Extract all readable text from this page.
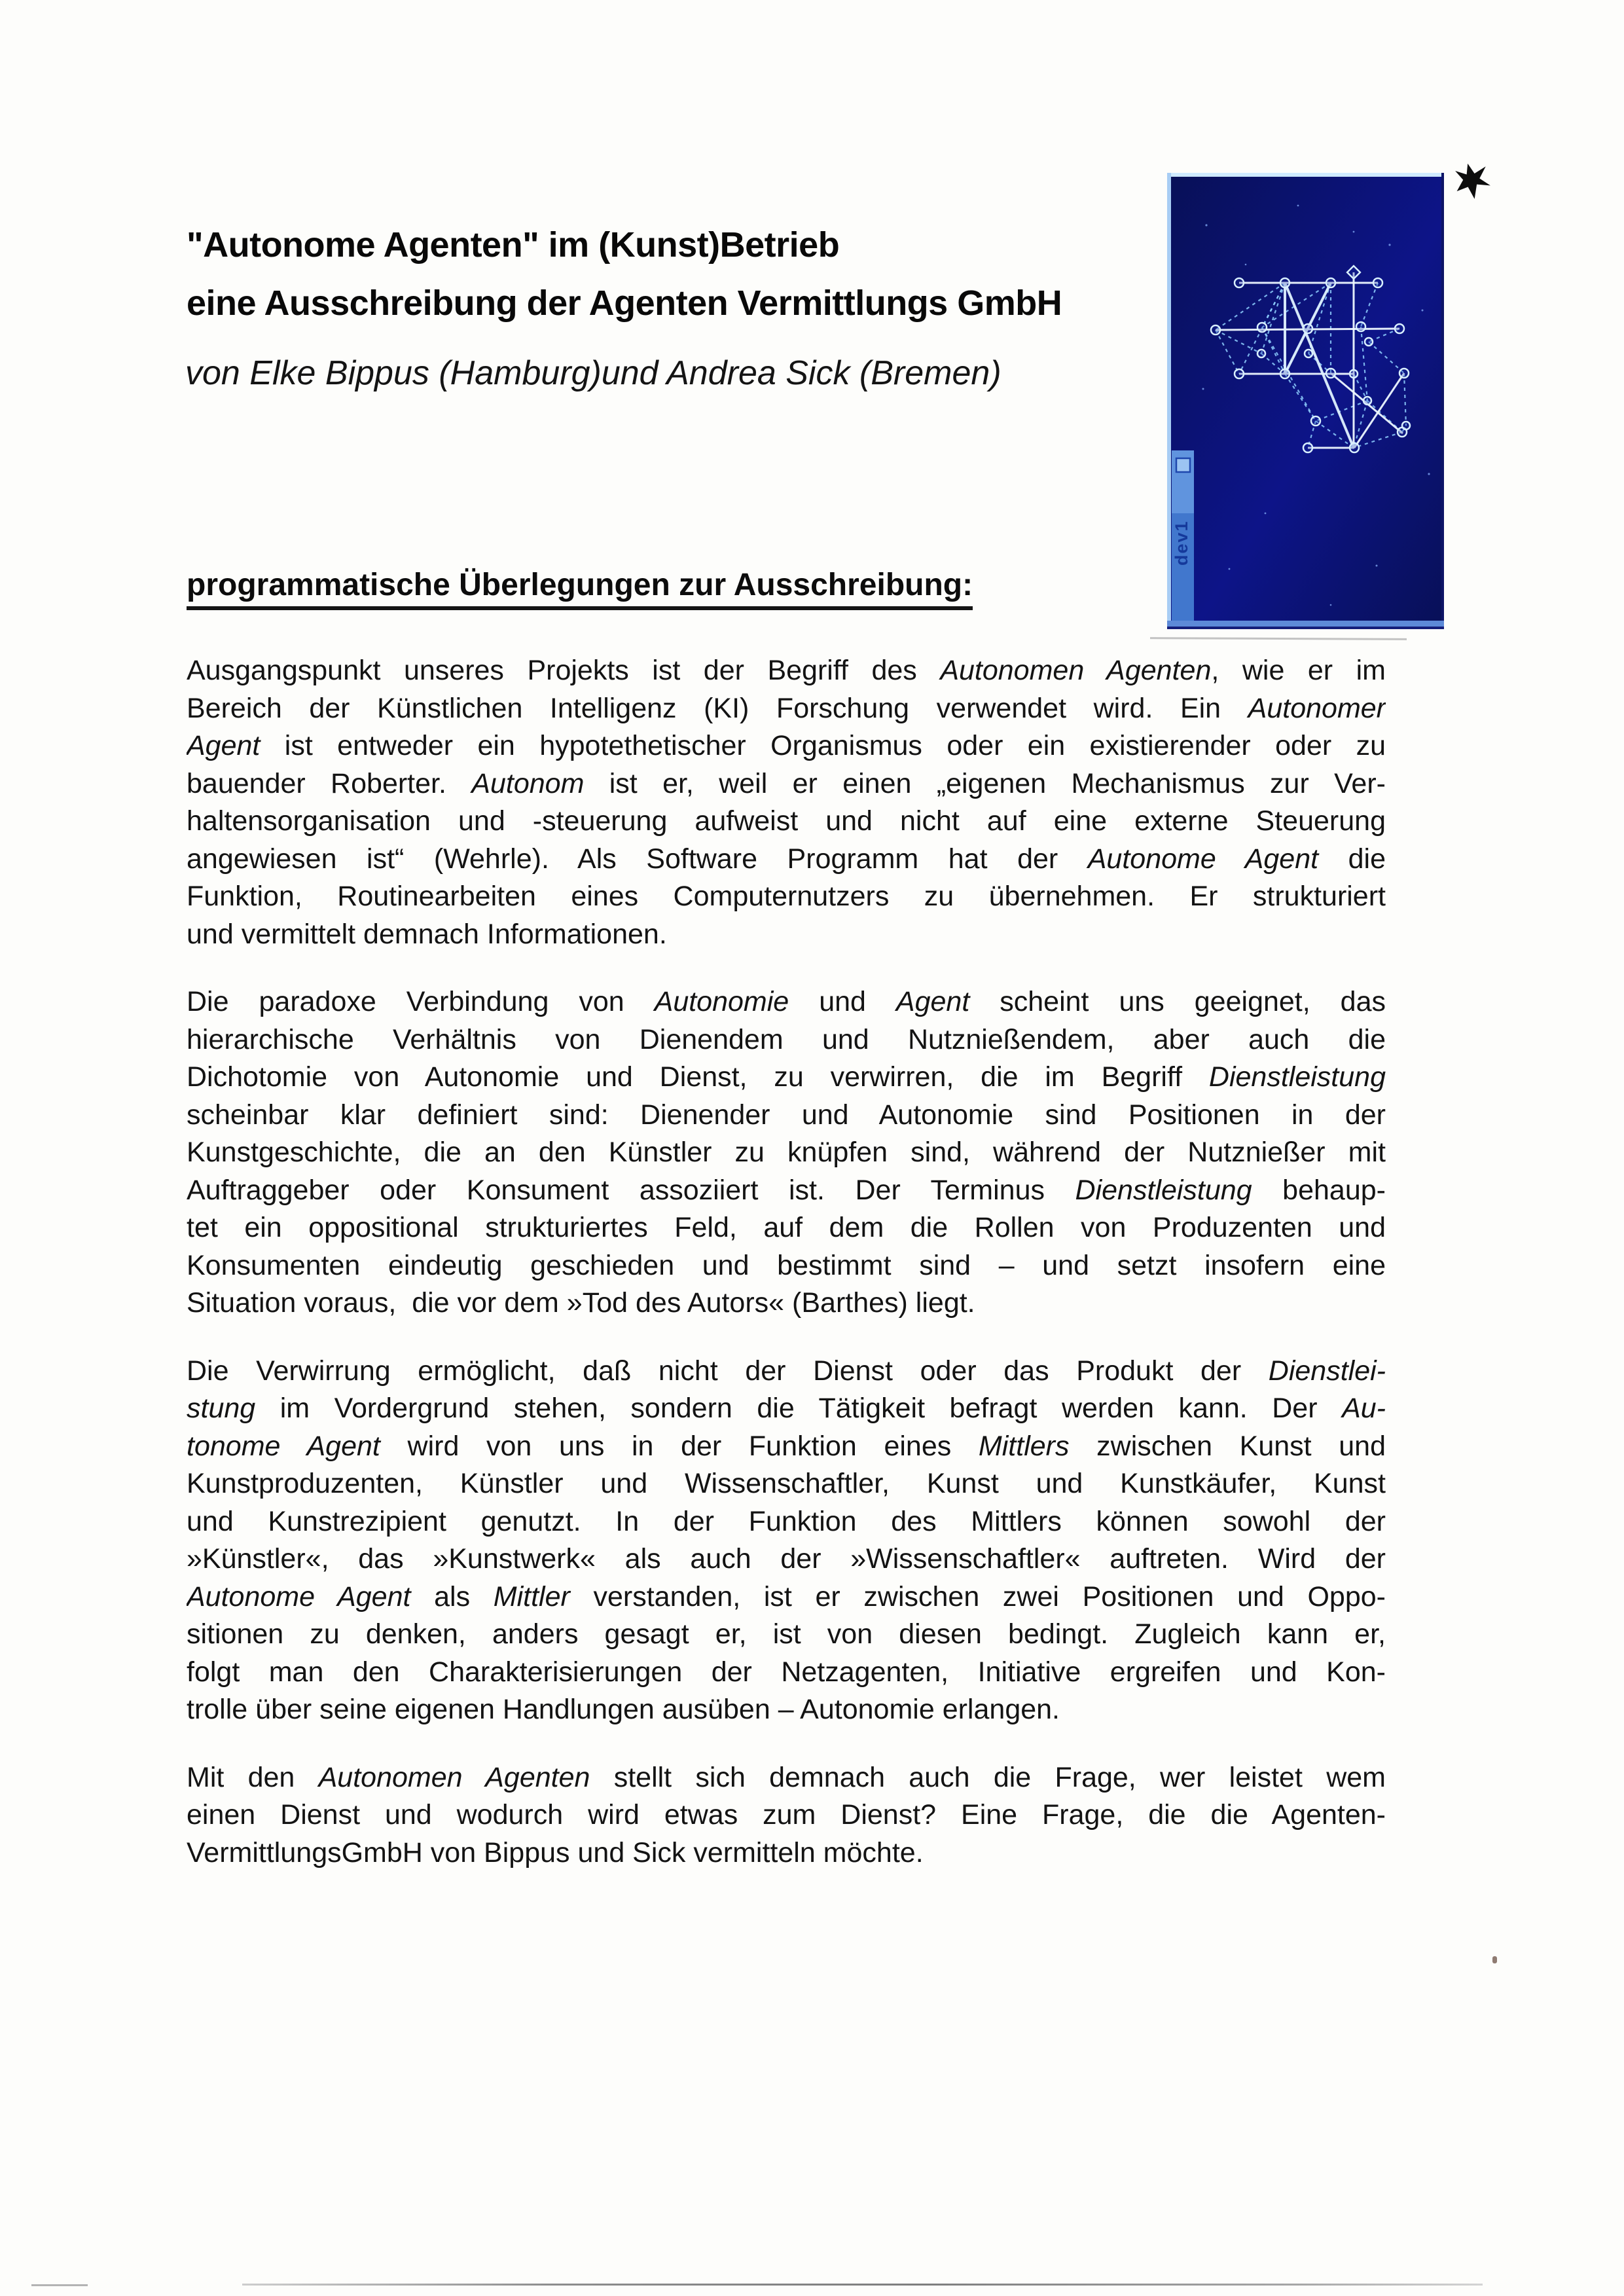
"Autonome Agenten" im (Kunst)Betrieb
eine Ausschreibung der Agenten Vermittlungs GmbH
von Elke Bippus (Hamburg)und Andrea Sick (Bremen)
programmatische Überlegungen zur Ausschreibung:
Ausgangspunkt unseres Projekts ist der Begriff des Autonomen Agenten, wie er im
Bereich der Künstlichen Intelligenz (KI) Forschung verwendet wird. Ein Autonomer
Agent ist entweder ein hypotethetischer Organismus oder ein existierender oder zu
bauender Roberter. Autonom ist er, weil er einen „eigenen Mechanismus zur Ver-
haltensorganisation und -steuerung aufweist und nicht auf eine externe Steuerung
angewiesen ist“ (Wehrle). Als Software Programm hat der Autonome Agent die
Funktion, Routinearbeiten eines Computernutzers zu übernehmen. Er strukturiert
und vermittelt demnach Informationen.
Die paradoxe Verbindung von Autonomie und Agent scheint uns geeignet, das
hierarchische Verhältnis von Dienendem und Nutznießendem, aber auch die
Dichotomie von Autonomie und Dienst, zu verwirren, die im Begriff Dienstleistung
scheinbar klar definiert sind: Dienender und Autonomie sind Positionen in der
Kunstgeschichte, die an den Künstler zu knüpfen sind, während der Nutznießer mit
Auftraggeber oder Konsument assoziiert ist. Der Terminus Dienstleistung behaup-
tet ein oppositional strukturiertes Feld, auf dem die Rollen von Produzenten und
Konsumenten eindeutig geschieden und bestimmt sind – und setzt insofern eine
Situation voraus,  die vor dem »Tod des Autors« (Barthes) liegt.
Die Verwirrung ermöglicht, daß nicht der Dienst oder das Produkt der Dienstlei-
stung im Vordergrund stehen, sondern die Tätigkeit befragt werden kann. Der Au-
tonome Agent wird von uns in der Funktion eines Mittlers zwischen Kunst und
Kunstproduzenten, Künstler und Wissenschaftler, Kunst und Kunstkäufer, Kunst
und Kunstrezipient genutzt. In der Funktion des Mittlers können sowohl der
»Künstler«, das »Kunstwerk« als auch der »Wissenschaftler« auftreten. Wird der
Autonome Agent als Mittler verstanden, ist er zwischen zwei Positionen und Oppo-
sitionen zu denken, anders gesagt er, ist von diesen bedingt. Zugleich kann er,
folgt man den Charakterisierungen der Netzagenten, Initiative ergreifen und Kon-
trolle über seine eigenen Handlungen ausüben – Autonomie erlangen.
Mit den Autonomen Agenten stellt sich demnach auch die Frage, wer leistet wem
einen Dienst und wodurch wird etwas zum Dienst? Eine Frage, die die Agenten-
VermittlungsGmbH von Bippus und Sick vermitteln möchte.
dev1
